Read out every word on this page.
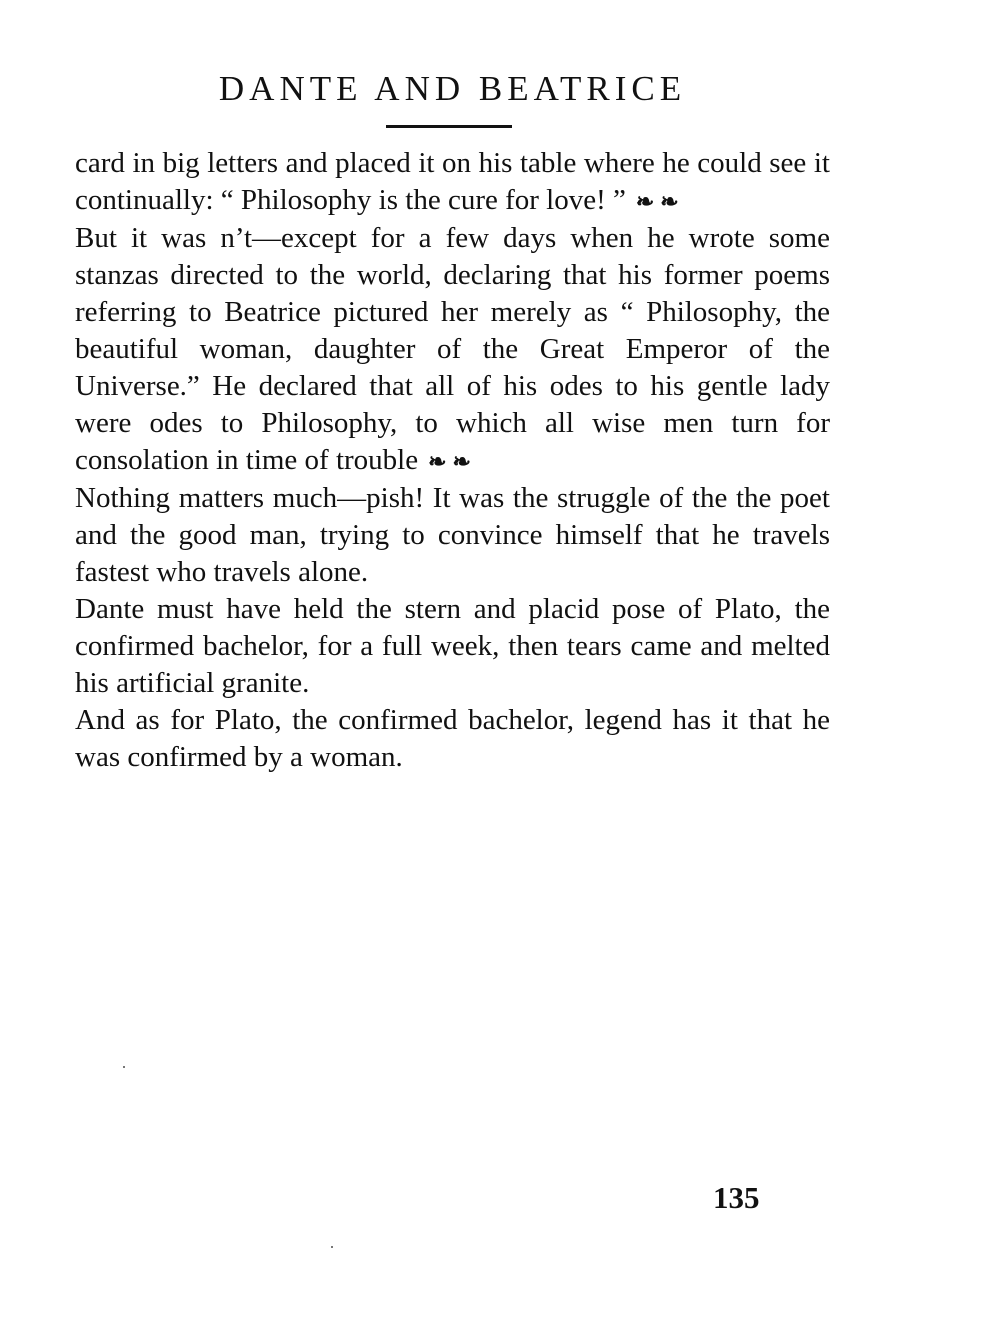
DANTE AND BEATRICE

card in big letters and placed it on his table where he could see it continually: “ Philosophy is the cure for love! ” ❧❧

But it was n’t—except for a few days when he wrote some stanzas directed to the world, declaring that his former poems referring to Beatrice pictured her merely as “ Philosophy, the beautiful woman, daughter of the Great Emperor of the Universe.” He declared that all of his odes to his gentle lady were odes to Philosophy, to which all wise men turn for consolation in time of trouble ❧❧

Nothing matters much—pish! It was the struggle of the the poet and the good man, trying to convince himself that he travels fastest who travels alone.

Dante must have held the stern and placid pose of Plato, the confirmed bachelor, for a full week, then tears came and melted his artificial granite.

And as for Plato, the confirmed bachelor, legend has it that he was confirmed by a woman.

135
